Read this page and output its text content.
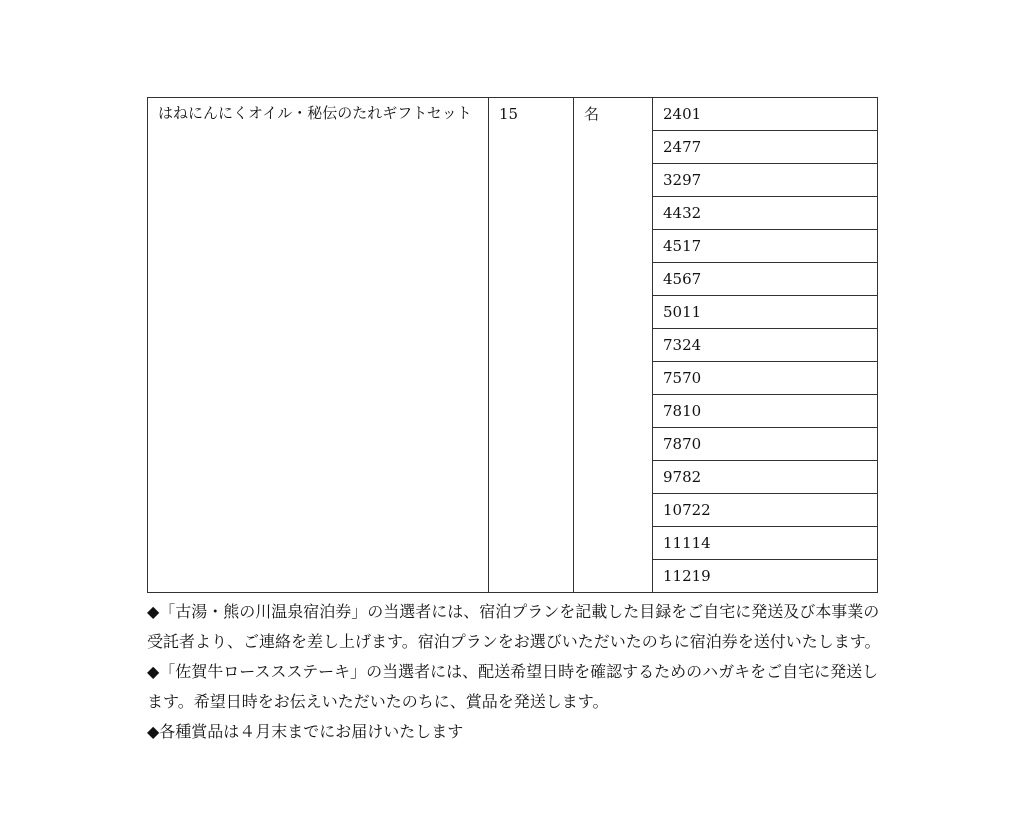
はねにんにくオイル・秘伝のたれギフトセット	15	名	2401

2477

3297

4432

4517

4567

5011

7324

7570

7810

7870

9782

10722

11114

11219

◆「古湯・熊の川温泉宿泊券」の当選者には、宿泊プランを記載した目録をご自宅に発送及び本事業の受託者より、ご連絡を差し上げます。宿泊プランをお選びいただいたのちに宿泊券を送付いたします。

◆「佐賀牛ローススステーキ」の当選者には、配送希望日時を確認するためのハガキをご自宅に発送します。希望日時をお伝えいただいたのちに、賞品を発送します。

◆各種賞品は４月末までにお届けいたします
